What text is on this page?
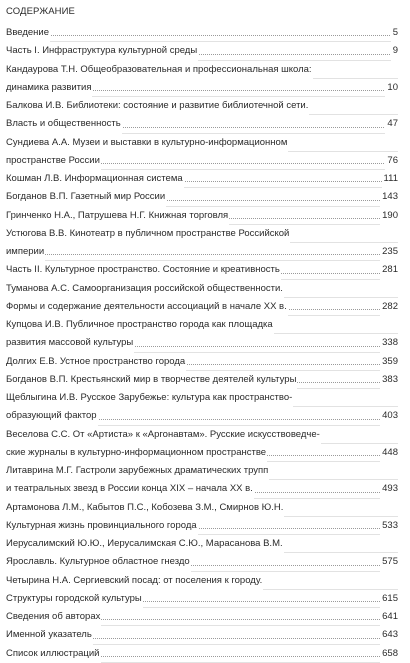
СОДЕРЖАНИЕ
Введение	5
Часть I. Инфраструктура культурной среды	9
Кандаурова Т.Н. Общеобразовательная и профессиональная школа:
динамика развития	10
Балкова И.В. Библиотеки: состояние и развитие библиотечной сети.
Власть и общественность	47
Сундиева А.А. Музеи и выставки в культурно-информационном
пространстве России	76
Кошман Л.В. Информационная система	111
Богданов В.П. Газетный мир России	143
Гринченко Н.А., Патрушева Н.Г. Книжная торговля	190
Устюгова В.В. Кинотеатр в публичном пространстве Российской
империи	235
Часть II. Культурное пространство. Состояние и креативность	281
Туманова А.С. Самоорганизация российской общественности.
Формы и содержание деятельности ассоциаций в начале XX в.	282
Купцова И.В. Публичное пространство города как площадка
развития массовой культуры	338
Долгих Е.В. Устное пространство города	359
Богданов В.П. Крестьянский мир в творчестве деятелей культуры	383
Щеблыгина И.В. Русское Зарубежье: культура как пространство-
образующий фактор	403
Веселова С.С. От «Артиста» к «Аргонавтам». Русские искусствоведче-
ские журналы в культурно-информационном пространстве	448
Литаврина М.Г. Гастроли зарубежных драматических трупп
и театральных звезд в России конца XIX – начала XX в.	493
Артамонова Л.М., Кабытов П.С., Кобозева З.М., Смирнов Ю.Н.
Культурная жизнь провинциального города	533
Иерусалимский Ю.Ю., Иерусалимская С.Ю., Марасанова В.М.
Ярославль. Культурное областное гнездо	575
Четырина Н.А. Сергиевский посад: от поселения к городу.
Структуры городской культуры	615
Сведения об авторах	641
Именной указатель	643
Список иллюстраций	658
